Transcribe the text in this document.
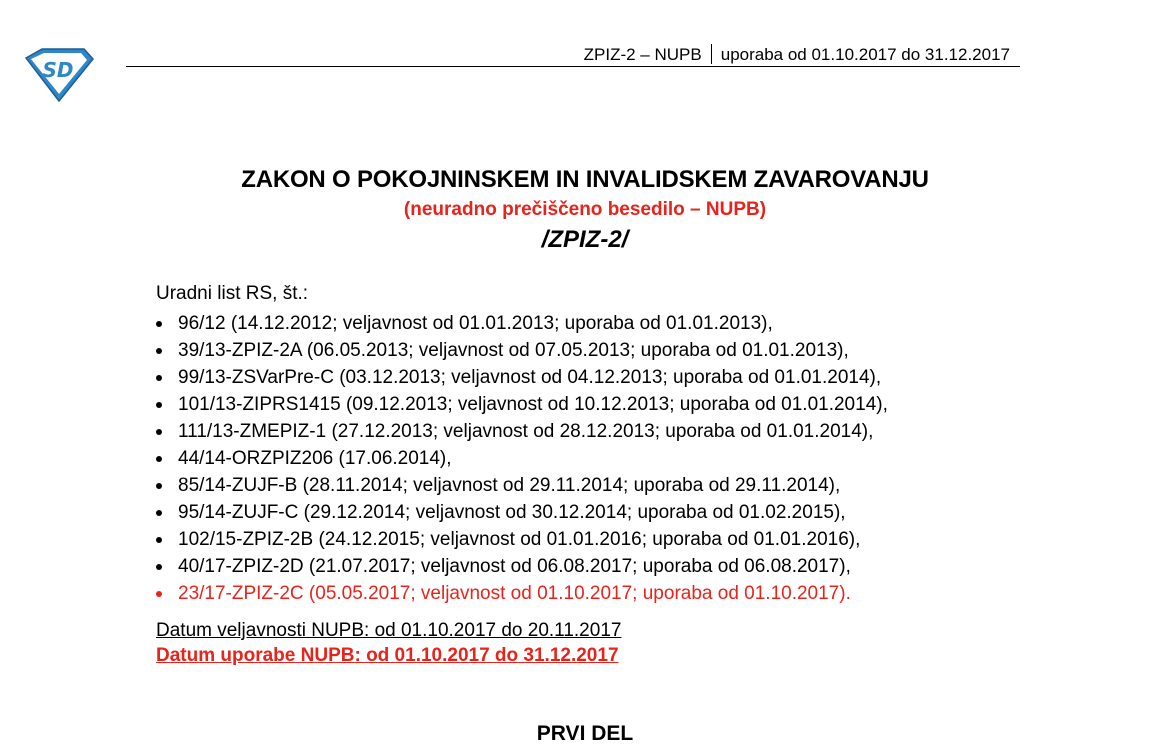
SD
ZPIZ-2 – NUPB uporaba od 01.10.2017 do 31.12.2017
ZAKON O POKOJNINSKEM IN INVALIDSKEM ZAVAROVANJU
(neuradno prečiščeno besedilo – NUPB)
/ZPIZ-2/
Uradni list RS, št.:
96/12 (14.12.2012; veljavnost od 01.01.2013; uporaba od 01.01.2013),
39/13-ZPIZ-2A (06.05.2013; veljavnost od 07.05.2013; uporaba od 01.01.2013),
99/13-ZSVarPre-C (03.12.2013; veljavnost od 04.12.2013; uporaba od 01.01.2014),
101/13-ZIPRS1415 (09.12.2013; veljavnost od 10.12.2013; uporaba od 01.01.2014),
111/13-ZMEPIZ-1 (27.12.2013; veljavnost od 28.12.2013; uporaba od 01.01.2014),
44/14-ORZPIZ206 (17.06.2014),
85/14-ZUJF-B (28.11.2014; veljavnost od 29.11.2014; uporaba od 29.11.2014),
95/14-ZUJF-C (29.12.2014; veljavnost od 30.12.2014; uporaba od 01.02.2015),
102/15-ZPIZ-2B (24.12.2015; veljavnost od 01.01.2016; uporaba od 01.01.2016),
40/17-ZPIZ-2D (21.07.2017; veljavnost od 06.08.2017; uporaba od 06.08.2017),
23/17-ZPIZ-2C (05.05.2017; veljavnost od 01.10.2017; uporaba od 01.10.2017).
Datum veljavnosti NUPB: od 01.10.2017 do 20.11.2017
Datum uporabe NUPB: od 01.10.2017 do 31.12.2017
PRVI DEL
